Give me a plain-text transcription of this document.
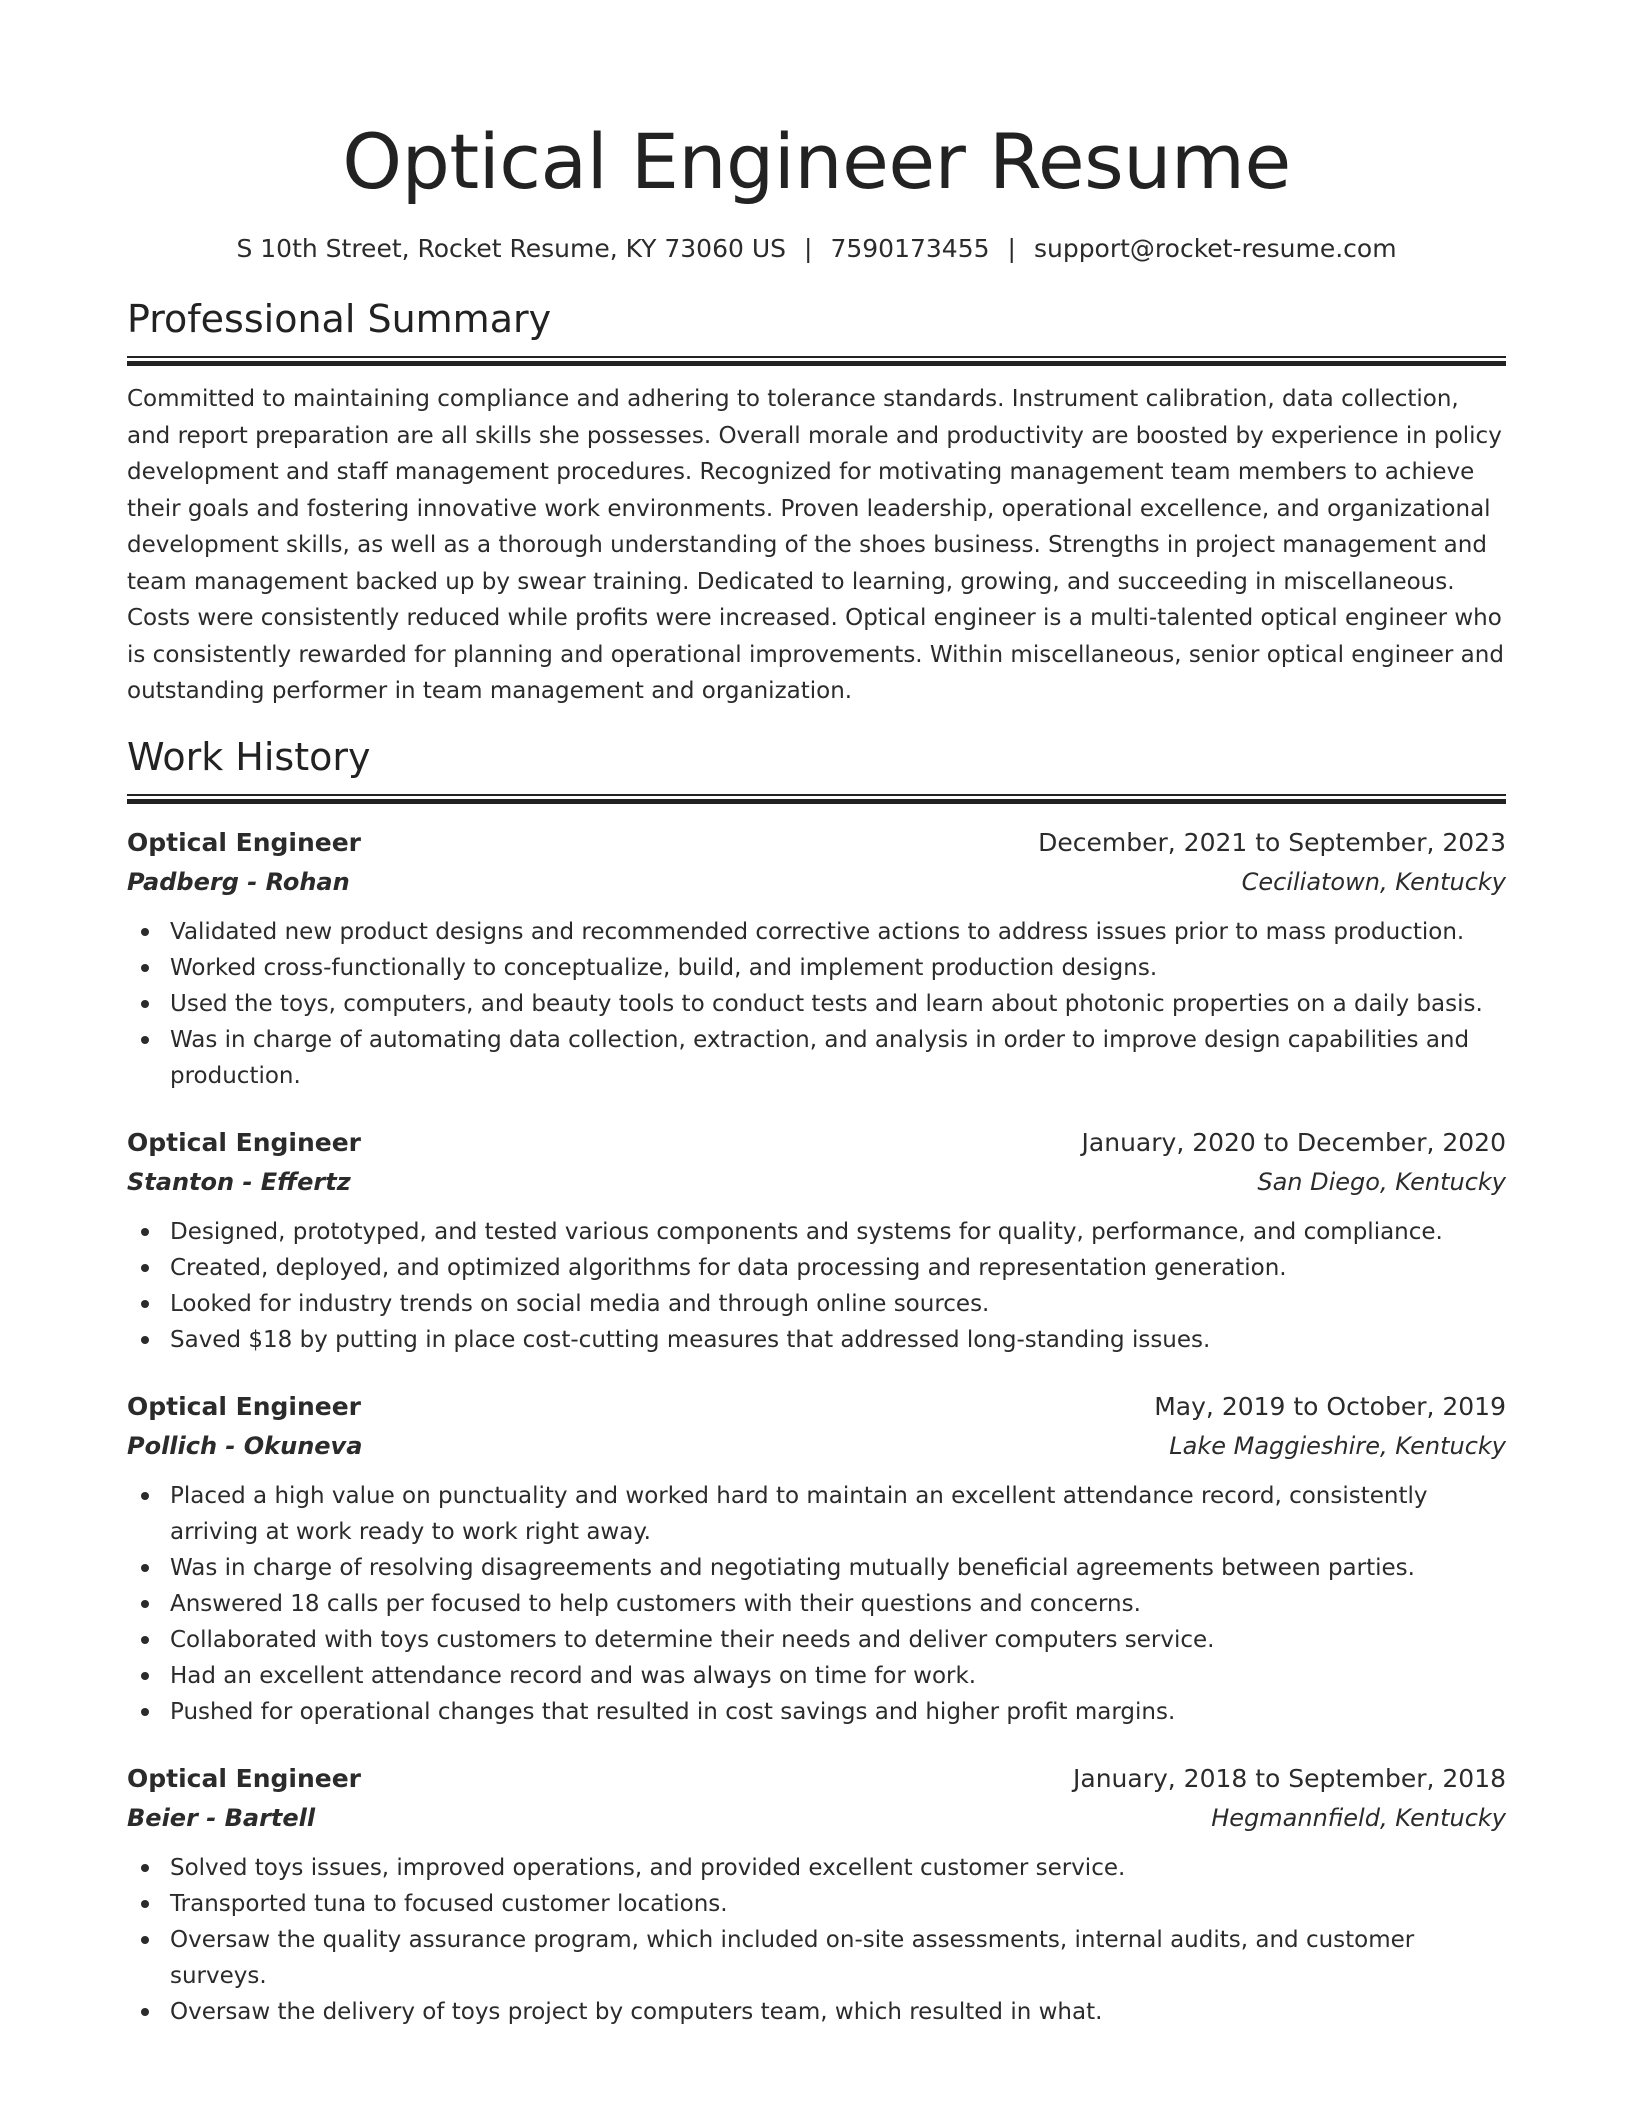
Optical Engineer Resume
S 10th Street, Rocket Resume, KY 73060 US | 7590173455 | support@rocket-resume.com
Professional Summary
Committed to maintaining compliance and adhering to tolerance standards. Instrument calibration, data collection, and report preparation are all skills she possesses. Overall morale and productivity are boosted by experience in policy development and staff management procedures. Recognized for motivating management team members to achieve their goals and fostering innovative work environments. Proven leadership, operational excellence, and organizational development skills, as well as a thorough understanding of the shoes business. Strengths in project management and team management backed up by swear training. Dedicated to learning, growing, and succeeding in miscellaneous. Costs were consistently reduced while profits were increased. Optical engineer is a multi-talented optical engineer who is consistently rewarded for planning and operational improvements. Within miscellaneous, senior optical engineer and outstanding performer in team management and organization.
Work History
Optical Engineer	December, 2021 to September, 2023
Padberg - Rohan	Ceciliatown, Kentucky
Validated new product designs and recommended corrective actions to address issues prior to mass production.
Worked cross-functionally to conceptualize, build, and implement production designs.
Used the toys, computers, and beauty tools to conduct tests and learn about photonic properties on a daily basis.
Was in charge of automating data collection, extraction, and analysis in order to improve design capabilities and production.
Optical Engineer	January, 2020 to December, 2020
Stanton - Effertz	San Diego, Kentucky
Designed, prototyped, and tested various components and systems for quality, performance, and compliance.
Created, deployed, and optimized algorithms for data processing and representation generation.
Looked for industry trends on social media and through online sources.
Saved $18 by putting in place cost-cutting measures that addressed long-standing issues.
Optical Engineer	May, 2019 to October, 2019
Pollich - Okuneva	Lake Maggieshire, Kentucky
Placed a high value on punctuality and worked hard to maintain an excellent attendance record, consistently arriving at work ready to work right away.
Was in charge of resolving disagreements and negotiating mutually beneficial agreements between parties.
Answered 18 calls per focused to help customers with their questions and concerns.
Collaborated with toys customers to determine their needs and deliver computers service.
Had an excellent attendance record and was always on time for work.
Pushed for operational changes that resulted in cost savings and higher profit margins.
Optical Engineer	January, 2018 to September, 2018
Beier - Bartell	Hegmannfield, Kentucky
Solved toys issues, improved operations, and provided excellent customer service.
Transported tuna to focused customer locations.
Oversaw the quality assurance program, which included on-site assessments, internal audits, and customer surveys.
Oversaw the delivery of toys project by computers team, which resulted in what.
